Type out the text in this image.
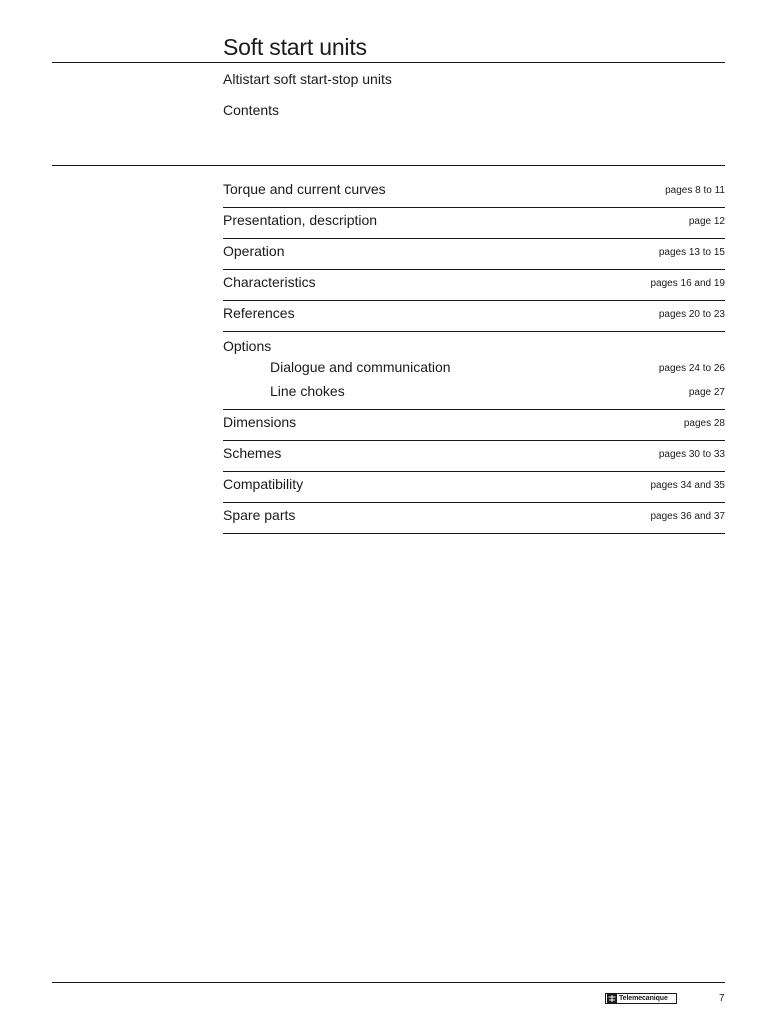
Soft start units
Altistart soft start-stop units
Contents
Torque and current curves	pages 8 to 11
Presentation, description	page 12
Operation	pages 13 to 15
Characteristics	pages 16 and 19
References	pages 20 to 23
Options
Dialogue and communication	pages 24 to 26
Line chokes	page 27
Dimensions	pages 28
Schemes	pages 30 to 33
Compatibility	pages 34 and 35
Spare parts	pages 36 and 37
Telemecanique	7
